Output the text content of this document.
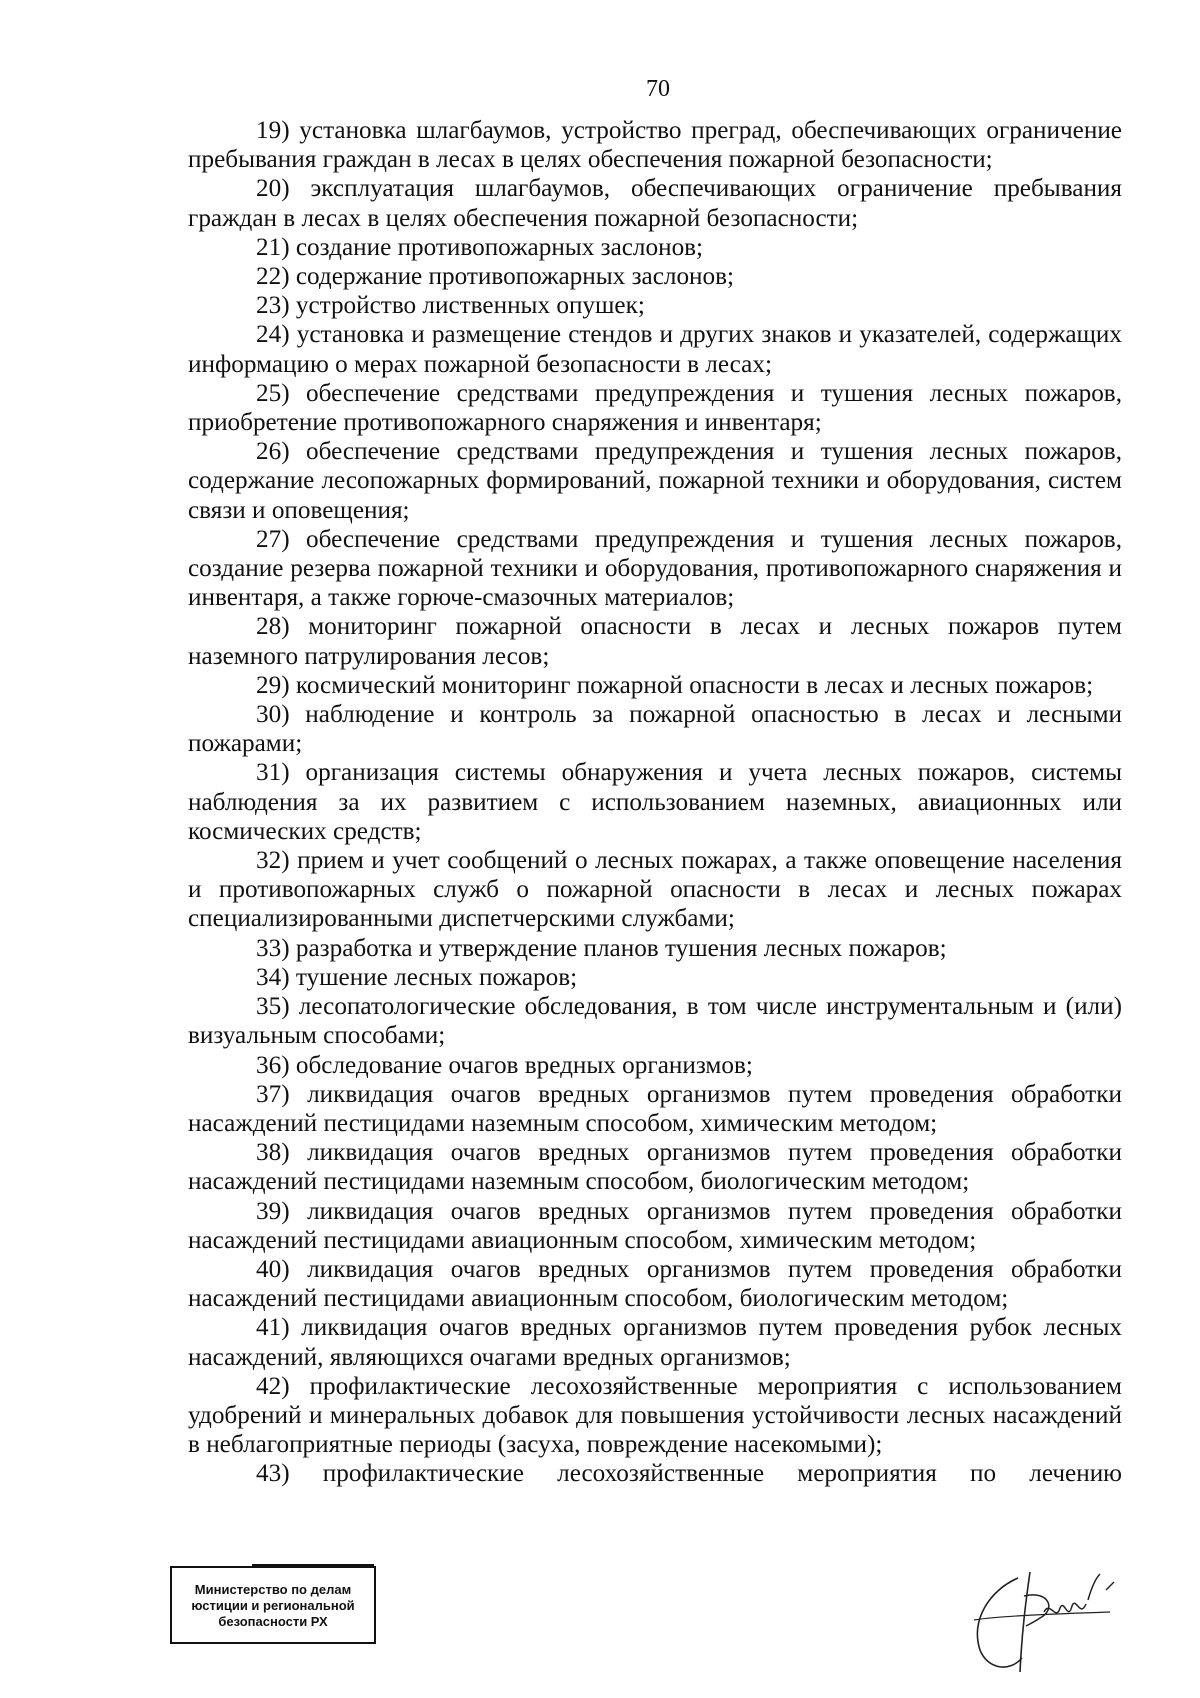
70

19) установка шлагбаумов, устройство преград, обеспечивающих ограничение пребывания граждан в лесах в целях обеспечения пожарной безопасности;

20) эксплуатация шлагбаумов, обеспечивающих ограничение пребывания граждан в лесах в целях обеспечения пожарной безопасности;

21) создание противопожарных заслонов;

22) содержание противопожарных заслонов;

23) устройство лиственных опушек;

24) установка и размещение стендов и других знаков и указателей, содержащих информацию о мерах пожарной безопасности в лесах;

25) обеспечение средствами предупреждения и тушения лесных пожаров, приобретение противопожарного снаряжения и инвентаря;

26) обеспечение средствами предупреждения и тушения лесных пожаров, содержание лесопожарных формирований, пожарной техники и оборудования, систем связи и оповещения;

27) обеспечение средствами предупреждения и тушения лесных пожаров, создание резерва пожарной техники и оборудования, противопожарного снаряжения и инвентаря, а также горюче-смазочных материалов;

28) мониторинг пожарной опасности в лесах и лесных пожаров путем наземного патрулирования лесов;

29) космический мониторинг пожарной опасности в лесах и лесных пожаров;

30) наблюдение и контроль за пожарной опасностью в лесах и лесными пожарами;

31) организация системы обнаружения и учета лесных пожаров, системы наблюдения за их развитием с использованием наземных, авиационных или космических средств;

32) прием и учет сообщений о лесных пожарах, а также оповещение населения и противопожарных служб о пожарной опасности в лесах и лесных пожарах специализированными диспетчерскими службами;

33) разработка и утверждение планов тушения лесных пожаров;

34) тушение лесных пожаров;

35) лесопатологические обследования, в том числе инструментальным и (или) визуальным способами;

36) обследование очагов вредных организмов;

37) ликвидация очагов вредных организмов путем проведения обработки насаждений пестицидами наземным способом, химическим методом;

38) ликвидация очагов вредных организмов путем проведения обработки насаждений пестицидами наземным способом, биологическим методом;

39) ликвидация очагов вредных организмов путем проведения обработки насаждений пестицидами авиационным способом, химическим методом;

40) ликвидация очагов вредных организмов путем проведения обработки насаждений пестицидами авиационным способом, биологическим методом;

41) ликвидация очагов вредных организмов путем проведения рубок лесных насаждений, являющихся очагами вредных организмов;

42) профилактические лесохозяйственные мероприятия с использованием удобрений и минеральных добавок для повышения устойчивости лесных насаждений в неблагоприятные периоды (засуха, повреждение насекомыми);

43) профилактические лесохозяйственные мероприятия по лечению

Министерство по делам
юстиции и региональной
безопасности РХ
